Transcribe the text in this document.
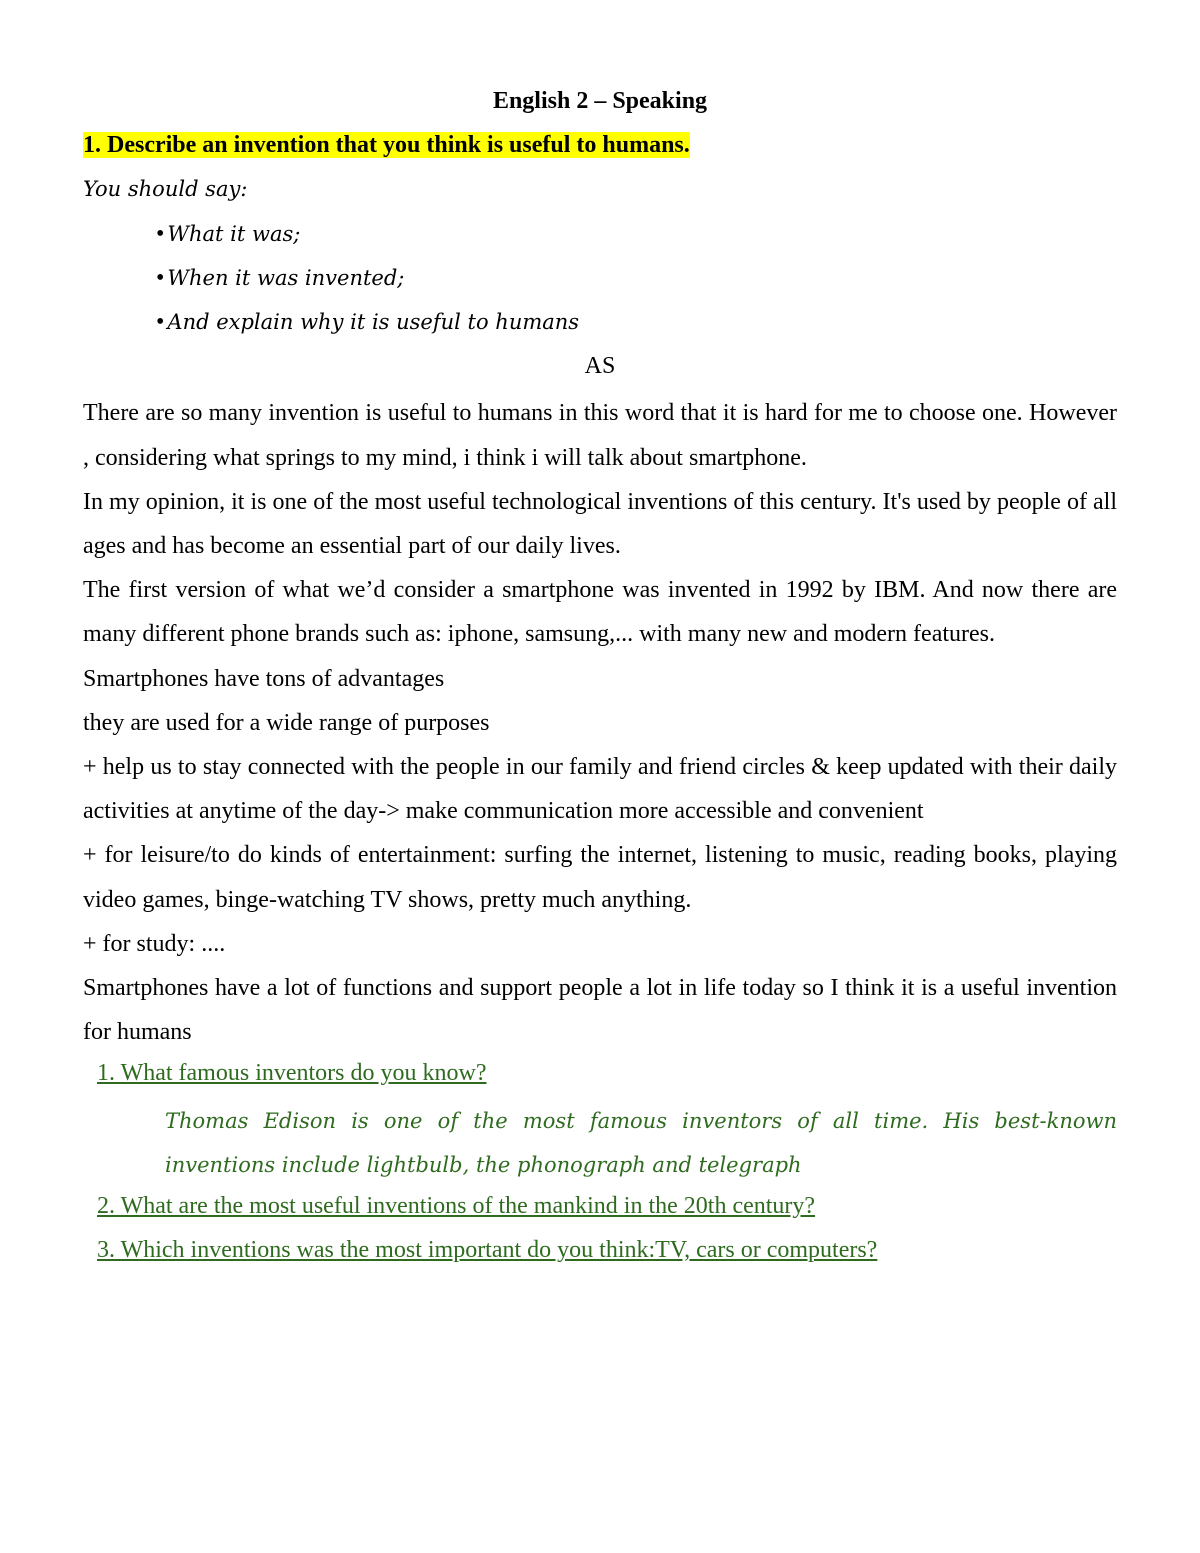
English 2 – Speaking
1. Describe an invention that you think is useful to humans.
You should say:
• What it was;
• When it was invented;
• And explain why it is useful to humans
AS

There are so many invention is useful to humans in this word that it is hard for me to choose one. However , considering what springs to my mind, i think i will talk about smartphone.

In my opinion, it is one of the most useful technological inventions of this century. It's used by people of all ages and has become an essential part of our daily lives.

The first version of what we’d consider a smartphone was invented in 1992 by IBM. And now there are many different phone brands such as: iphone, samsung,... with many new and modern features.

Smartphones have tons of advantages

they are used for a wide range of purposes

+ help us to stay connected with the people in our family and friend circles & keep updated with their daily activities at anytime of the day-> make communication more accessible and convenient

+ for leisure/to do kinds of entertainment: surfing the internet, listening to music, reading books, playing video games, binge-watching TV shows, pretty much anything.

+ for study: ....

Smartphones have a lot of functions and support people a lot in life today so I think it is a useful invention for humans

1. What famous inventors do you know?

Thomas Edison is one of the most famous inventors of all time. His best-known inventions include lightbulb, the phonograph and telegraph

2. What are the most useful inventions of the mankind in the 20th century?
3. Which inventions was the most important do you think:TV, cars or computers?
